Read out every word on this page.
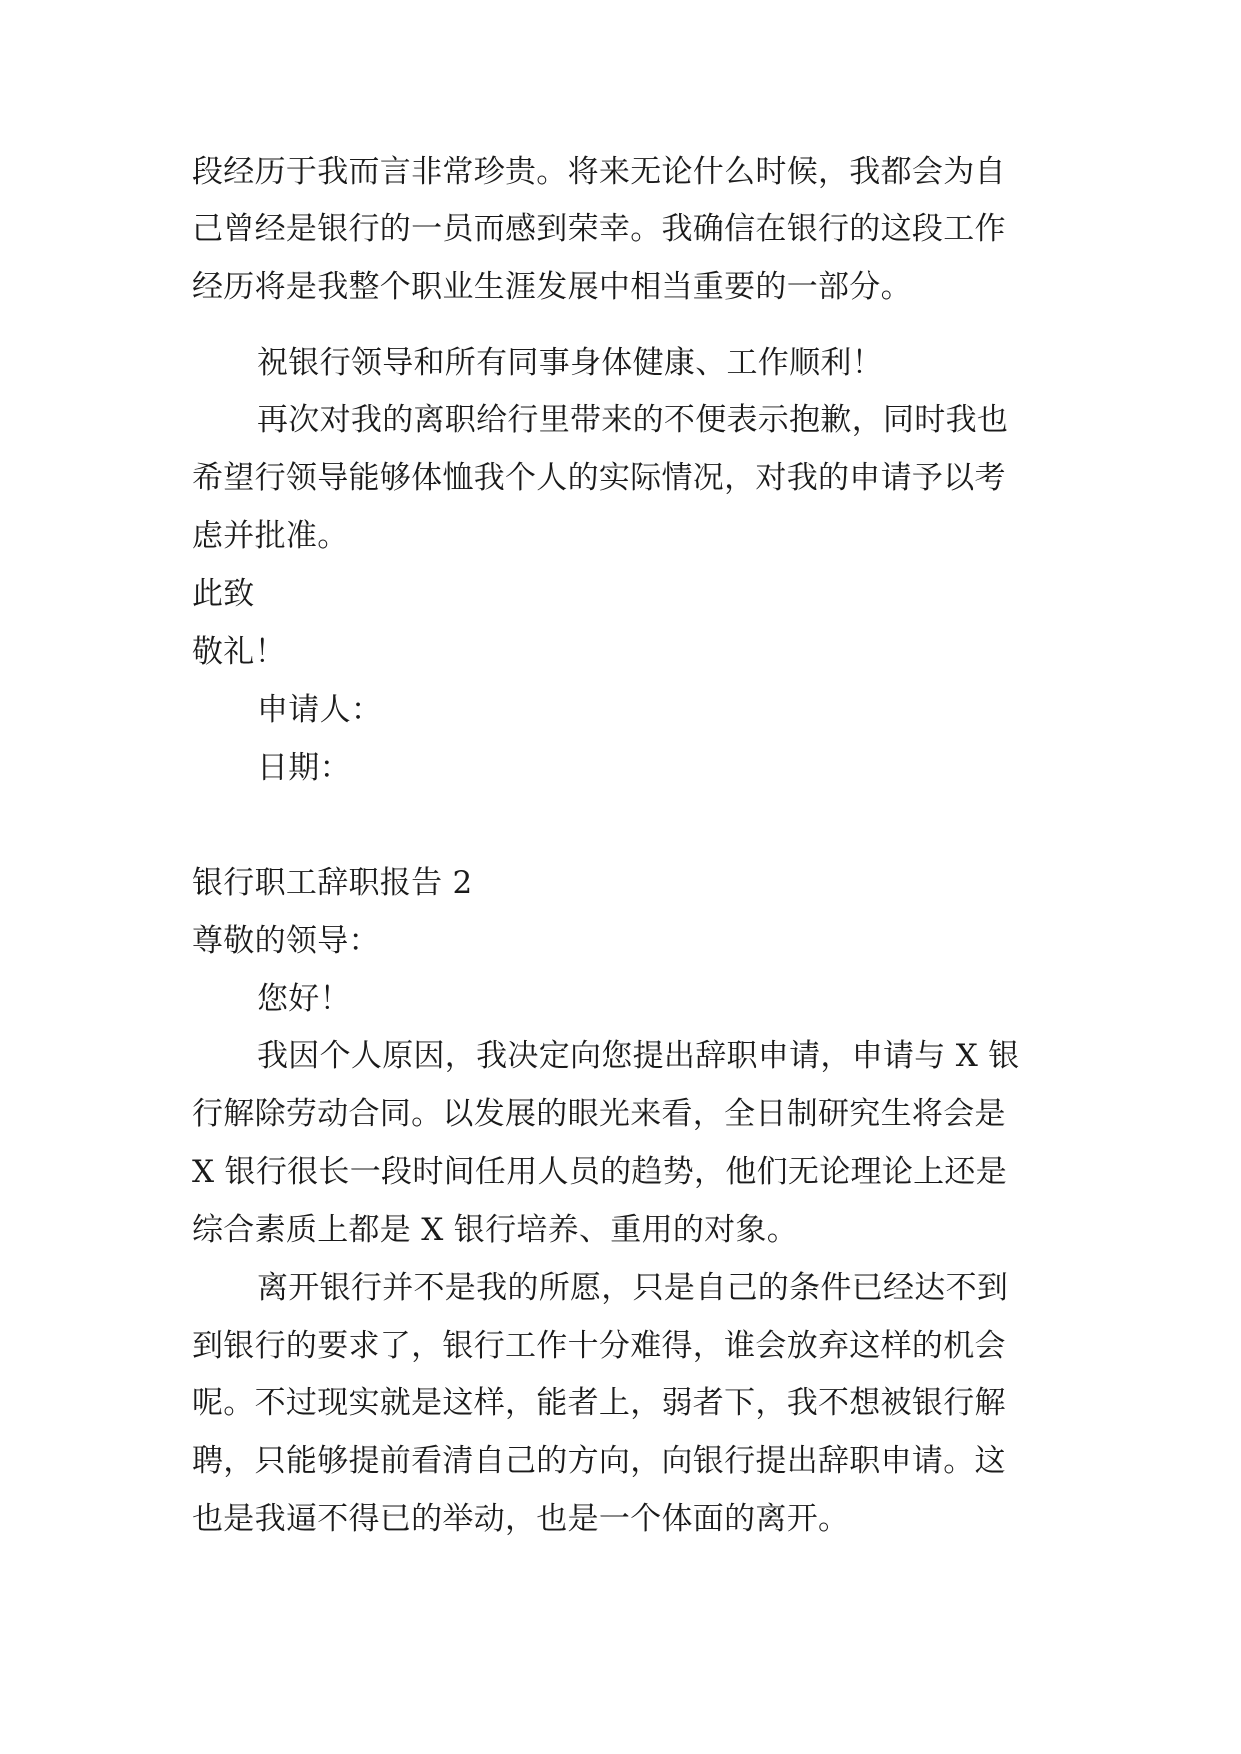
段经历于我而言非常珍贵。将来无论什么时候，我都会为自
己曾经是银行的一员而感到荣幸。我确信在银行的这段工作
经历将是我整个职业生涯发展中相当重要的一部分。
祝银行领导和所有同事身体健康、工作顺利！
再次对我的离职给行里带来的不便表示抱歉，同时我也
希望行领导能够体恤我个人的实际情况，对我的申请予以考
虑并批准。
此致
敬礼！
申请人：
日期：
银行职工辞职报告 2
尊敬的领导：
您好！
我因个人原因，我决定向您提出辞职申请，申请与 X 银
行解除劳动合同。以发展的眼光来看，全日制研究生将会是
X 银行很长一段时间任用人员的趋势，他们无论理论上还是
综合素质上都是 X 银行培养、重用的对象。
离开银行并不是我的所愿，只是自己的条件已经达不到
到银行的要求了，银行工作十分难得，谁会放弃这样的机会
呢。不过现实就是这样，能者上，弱者下，我不想被银行解
聘，只能够提前看清自己的方向，向银行提出辞职申请。这
也是我逼不得已的举动，也是一个体面的离开。
